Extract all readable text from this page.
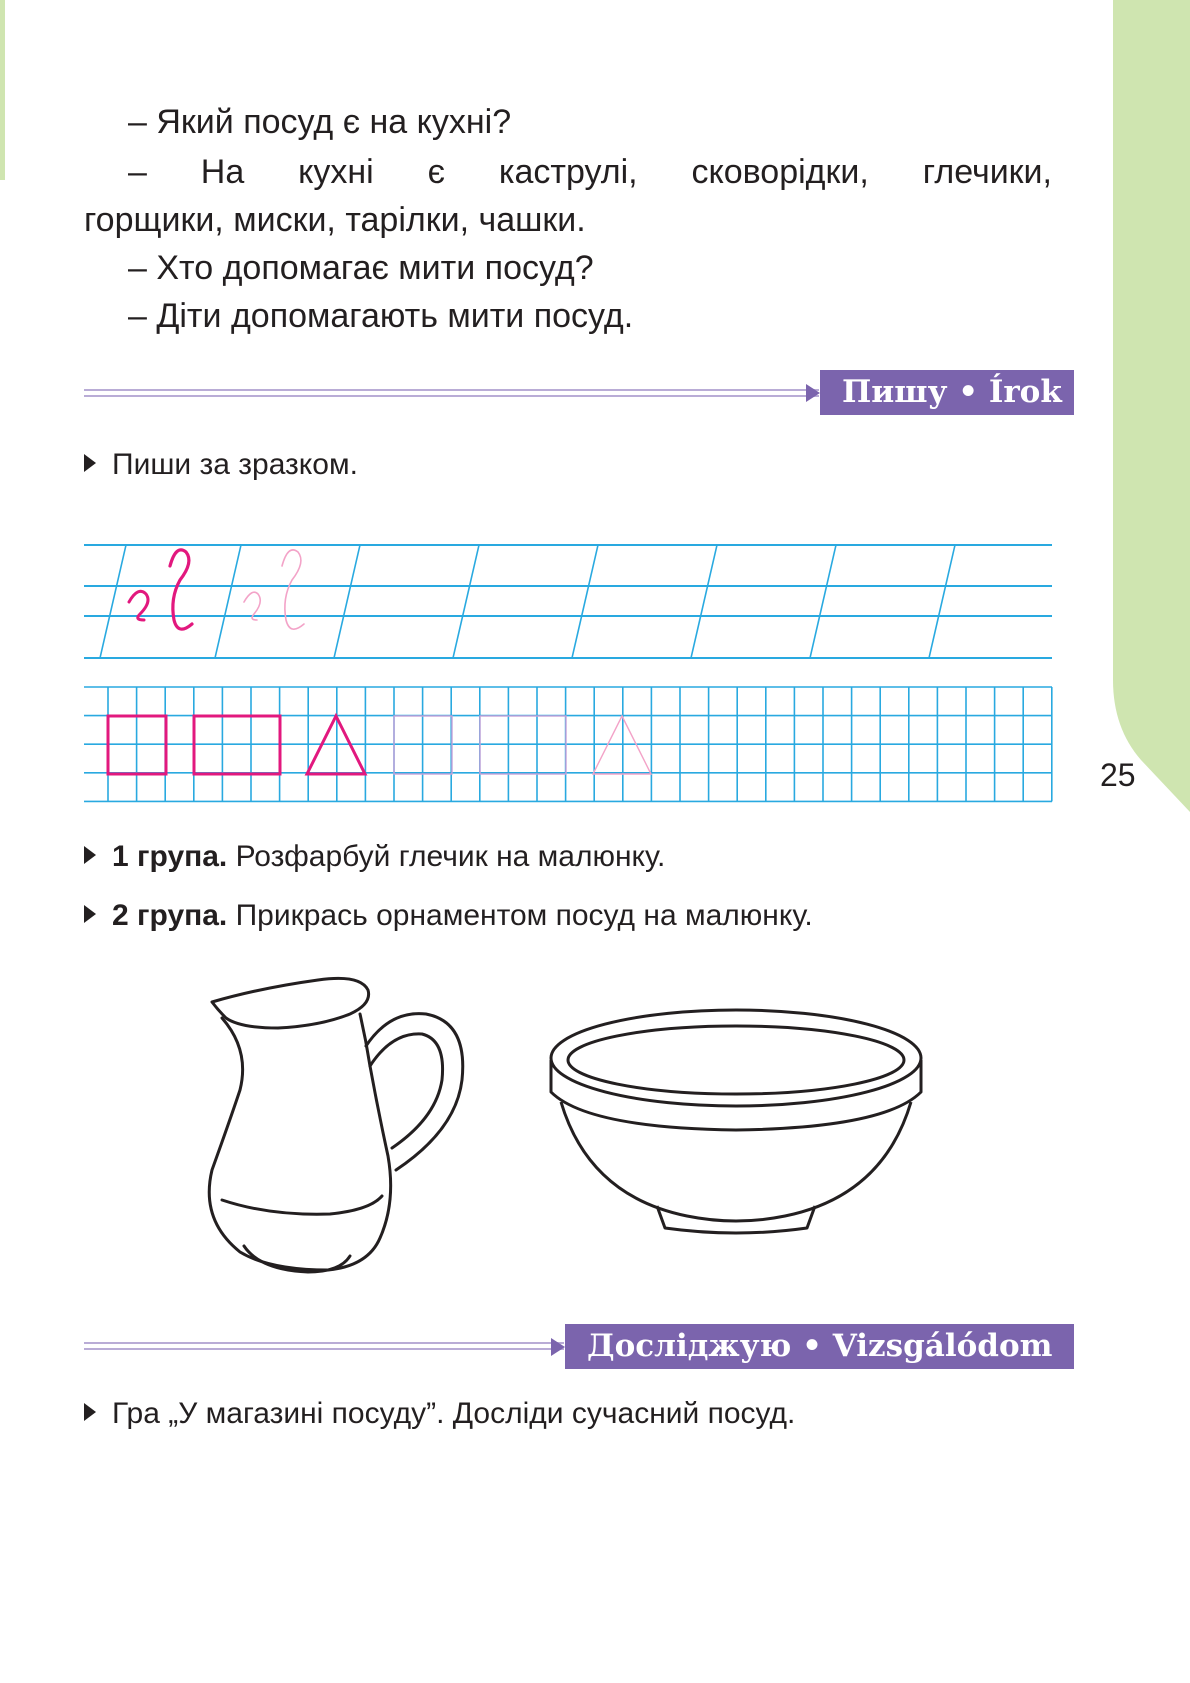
– Який посуд є на кухні?
– На кухні є каструлі, сковорідки, глечики,
горщики, миски, тарілки, чашки.
– Хто допомагає мити посуд?
– Діти допомагають мити посуд.
Пишу • Írok
Пиши за зразком.
25
1 група. Розфарбуй глечик на малюнку.
2 група. Прикрась орнаментом посуд на малюнку.
Досліджую • Vizsgálódom
Гра „У магазині посуду”. Досліди сучасний посуд.
